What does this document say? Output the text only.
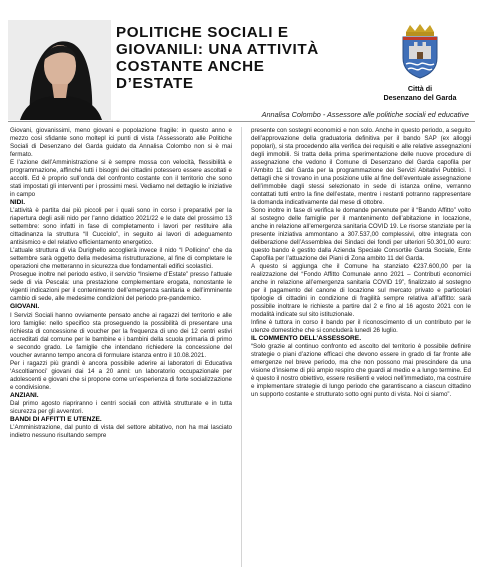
POLITICHE SOCIALI E
GIOVANILI: UNA ATTIVITÀ
COSTANTE ANCHE
D’ESTATE	Città di
Desenzano del Garda
Annalisa Colombo - Assessore alle politiche sociali ed educative

Giovani, giovanissimi, meno giovani e popolazione fragile: in questo anno e mezzo così sfidante sono moltepl ici punti di vista l’Assessorato alle Politiche Sociali di Desenzano del Garda guidato da Annalisa Colombo non si è mai fermato.

E l’azione dell’Amministrazione si è sempre mossa con velocità, flessibilità e programmazione, affinché tutti i bisogni dei cittadini potessero essere ascoltati e accolti. Ed è proprio sull’onda del confronto costante con il territorio che sono stati impostati gli interventi per i prossimi mesi. Vediamo nel dettaglio le iniziative in campo

NIDI.

L’attività è partita dai più piccoli per i quali sono in corso i preparativi per la riapertura degli asili nido per l’anno didattico 2021/22 e le date del prossimo 13 settembre: sono infatti in fase di completamento i lavori per restituire alla cittadinanza la struttura “Il Cucciolo”, in seguito ai lavori di adeguamento antisismico e del relativo efficientamento energetico.

L’attuale struttura di via Durighello accoglierà invece il nido “I Pollicino” che da settembre sarà oggetto della medesima ristrutturazione, al fine di completare le operazioni che metteranno in sicurezza due fondamentali edifici scolastici.

Prosegue inoltre nel periodo estivo, il servizio “Insieme d’Estate” presso l’attuale sede di via Pescala: una prestazione complementare erogata, nonostante le vigenti indicazioni per il contenimento dell’emergenza sanitaria e dell’imminente cambio di sede, alle medesime condizioni del periodo pre-pandemico.

GIOVANI.

I Servizi Sociali hanno ovviamente pensato anche ai ragazzi del territorio e alle loro famiglie: nello specifico sta proseguendo la possibilità di presentare una richiesta di concessione di voucher per la frequenza di uno dei 12 centri estivi accreditati dal comune per le bambine e i bambini della scuola primaria di primo e secondo grado. Le famiglie che intendano richiedere la concessione del voucher avranno tempo ancora di formulare istanza entro il 10.08.2021.

Per i ragazzi più grandi è ancora possibile aderire ai laboratori di Educativa ‘Ascoltiamoci’ giovani dai 14 a 20 anni: un laboratorio occupazionale per adolescenti e giovani che si propone come un’esperienza di forte socializzazione e condivisione.

ANZIANI.

Dal primo agosto riapriranno i centri sociali con attività strutturate e in tutta sicurezza per gli avventori.

BANDI DI AFFITTI E UTENZE.

L’Amministrazione, dal punto di vista del settore abitativo, non ha mai lasciato indietro nessuno risultando sempre

presente con sostegni economici e non solo. Anche in questo periodo, a seguito dell’approvazione della graduatoria definitiva per il bando SAP (ex alloggi popolari), si sta procedendo alla verifica dei requisiti e alle relative assegnazioni degli immobili. Si tratta della prima sperimentazione delle nuove procedure di assegnazione che vedono il Comune di Desenzano del Garda capofila per l’Ambito 11 del Garda per la programmazione dei Servizi Abitativi Pubblici. I dettagli che si trovano in una posizione utile al fine dell’eventuale assegnazione dell’immobile dagli stessi selezionato in sede di istanza online, verranno contattati tutti entro la fine dell’estate, mentre i restanti potranno rappresentare la domanda indicativamente dal mese di ottobre.

Sono inoltre in fase di verifica le domande pervenute per il “Bando Affitto” volto al sostegno delle famiglie per il mantenimento dell’abitazione in locazione, anche in relazione all’emergenza sanitaria COVID 19. Le risorse stanziate per la presente iniziativa ammontano a 307.537,00 complessivi, oltre integrata con deliberazione dell’Assemblea dei Sindaci dei fondi per ulteriori 50.301,00 euro: questo bando è gestito dalla Azienda Speciale Consortile Garda Sociale, Ente Capofila per l’attuazione dei Piani di Zona ambito 11 del Garda.

A questo si aggiunga che il Comune ha stanziato €237.600,00 per la realizzazione del “Fondo Affitto Comunale anno 2021 – Contributi economici anche in relazione all’emergenza sanitaria COVID 19”, finalizzato al sostegno per il pagamento del canone di locazione sul mercato privato e particolari tipologie di cittadini in condizione di fragilità sempre relativa all’affitto: sarà possibile inoltrare le richieste a partire dal 2 e fino al 16 agosto 2021 con le modalità indicate sul sito istituzionale.

Infine è tuttora in corso il bando per il riconoscimento di un contributo per le utenze domestiche che si concluderà lunedì 26 luglio.

IL COMMENTO DELL’ASSESSORE.

“Solo grazie al continuo confronto ed ascolto del territorio è possibile definire strategie o piani d’azione efficaci che devono essere in grado di far fronte alle emergenze nel breve periodo, ma che non possono mai prescindere da una visione d’insieme di più ampio respiro che guardi al medio e a lungo termine. Ed è questo il nostro obiettivo, essere resilienti e veloci nell’immediato, ma costruire e implementare strategie di lungo periodo che garantiscano a ciascun cittadino un supporto costante e strutturato sotto ogni punto di vista. Noi ci siamo”.
